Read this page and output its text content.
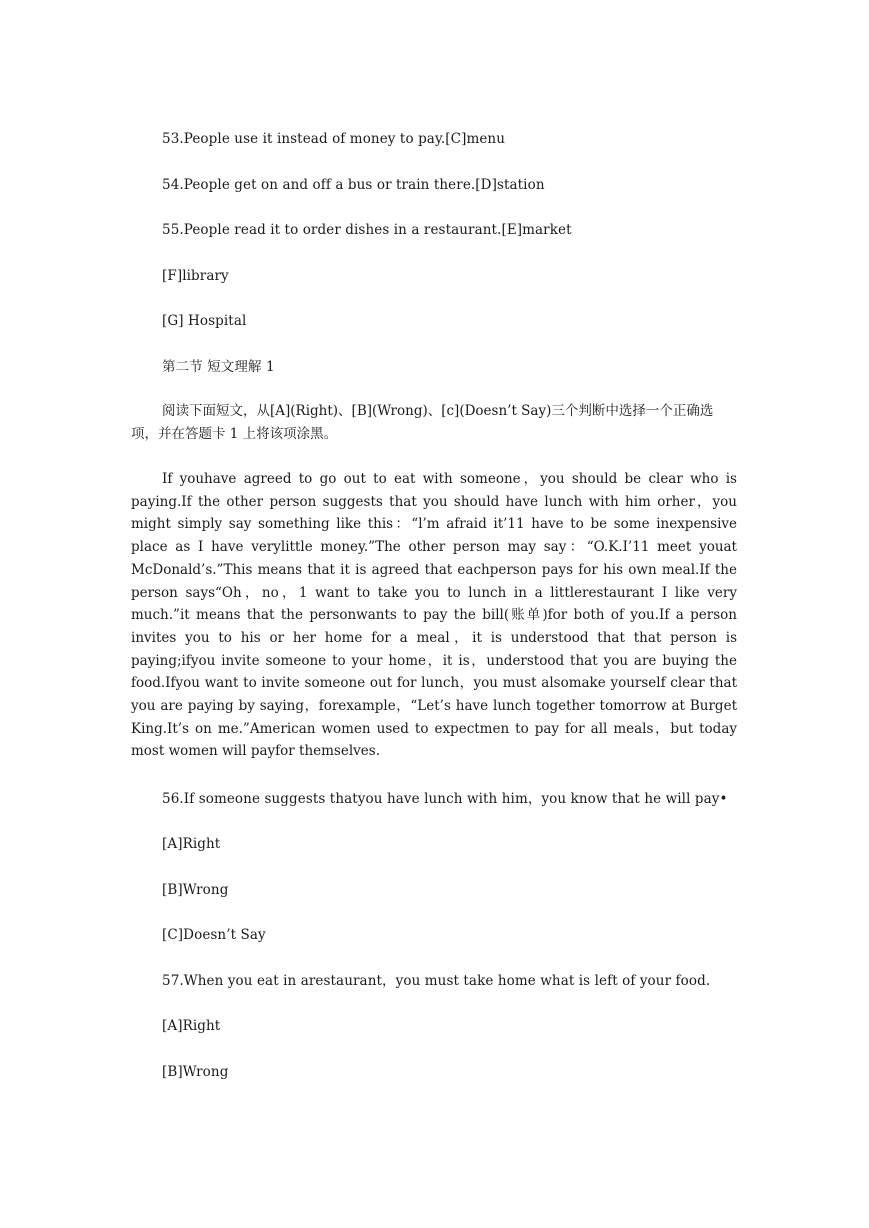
53.People use it instead of money to pay.[C]menu
54.People get on and off a bus or train there.[D]station
55.People read it to order dishes in a restaurant.[E]market
[F]library
[G] Hospital
第二节 短文理解 1
阅读下面短文，从[A](Right)、[B](Wrong)、[c](Doesn’t Say)三个判断中选择一个正确选项，并在答题卡 1 上将该项涂黑。
If youhave agreed to go out to eat with someone，you should be clear who is paying.If the other person suggests that you should have lunch with him orher，you might simply say something like this：“l’m afraid it’11 have to be some inexpensive place as I have verylittle money.”The other person may say：“O.K.I’11 meet youat McDonald’s.”This means that it is agreed that eachperson pays for his own meal.If the person says“Oh，no，1 want to take you to lunch in a littlerestaurant I like very much.”it means that the personwants to pay the bill(账单)for both of you.If a person invites you to his or her home for a meal，it is understood that that person is paying;ifyou invite someone to your home，it is，understood that you are buying the food.Ifyou want to invite someone out for lunch，you must alsomake yourself clear that you are paying by saying，forexample，“Let’s have lunch together tomorrow at Burget King.It’s on me.”American women used to expectmen to pay for all meals，but today most women will payfor themselves.
56.If someone suggests thatyou have lunch with him，you know that he will pay•
[A]Right
[B]Wrong
[C]Doesn’t Say
57.When you eat in arestaurant，you must take home what is left of your food.
[A]Right
[B]Wrong
